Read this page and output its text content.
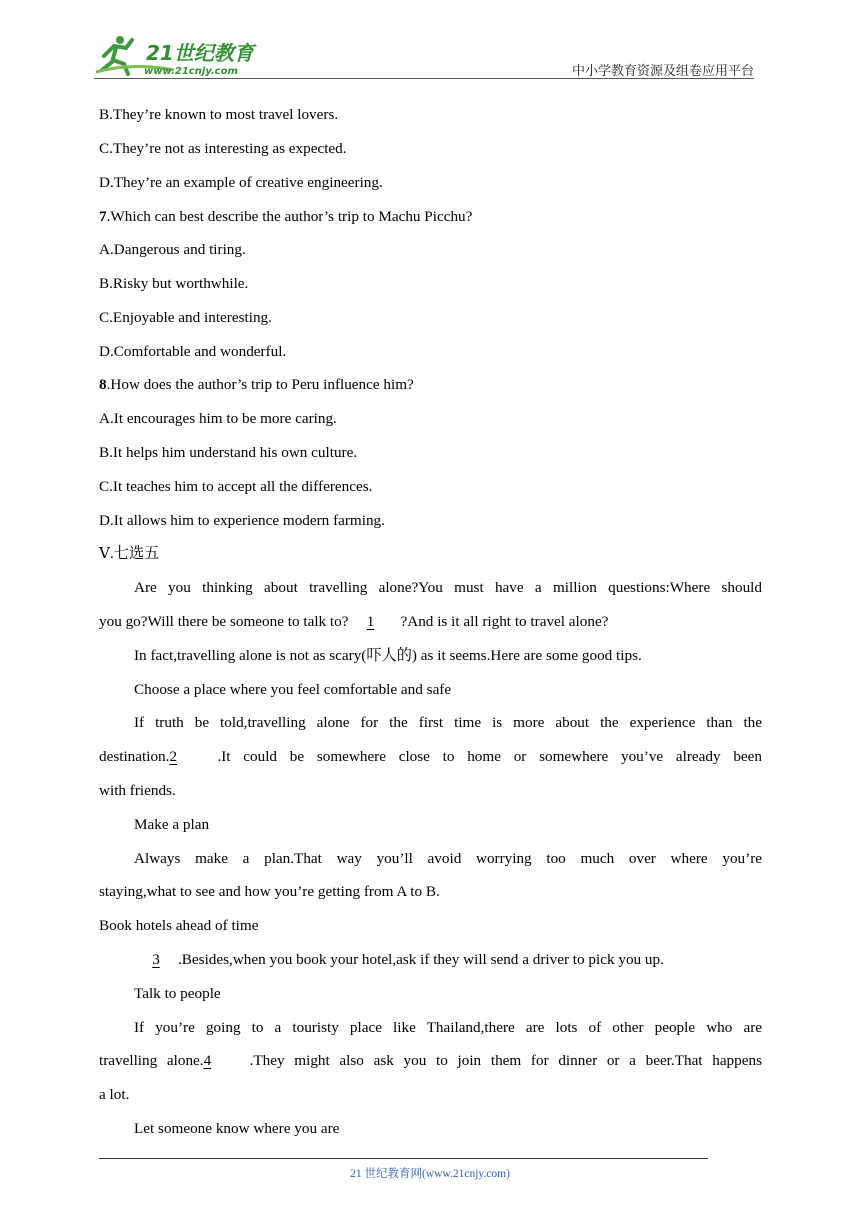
21世纪教育
www.21cnjy.com	中小学教育资源及组卷应用平台
B.They’re known to most travel lovers.
C.They’re not as interesting as expected.
D.They’re an example of creative engineering.
7.Which can best describe the author’s trip to Machu Picchu?
A.Dangerous and tiring.
B.Risky but worthwhile.
C.Enjoyable and interesting.
D.Comfortable and wonderful.
8.How does the author’s trip to Peru influence him?
A.It encourages him to be more caring.
B.It helps him understand his own culture.
C.It teaches him to accept all the differences.
D.It allows him to experience modern farming.
Ⅴ.七选五
Are you thinking about travelling alone?You must have a million questions:Where should
you go?Will there be someone to talk to? 1 ?And is it all right to travel alone?
In fact,travelling alone is not as scary(吓人的) as it seems.Here are some good tips.
Choose a place where you feel comfortable and safe
If truth be told,travelling alone for the first time is more about the experience than the
destination.2	.It could be somewhere close to home or somewhere you’ve already been
with friends.
Make a plan
Always make a plan.That way you’ll avoid worrying too much over where you’re
staying,what to see and how you’re getting from A to B.
Book hotels ahead of time
3 .Besides,when you book your hotel,ask if they will send a driver to pick you up.
Talk to people
If you’re going to a touristy place like Thailand,there are lots of other people who are
travelling alone.4	.They might also ask you to join them for dinner or a beer.That happens
a lot.
Let someone know where you are
21 世纪教育网(www.21cnjy.com)
